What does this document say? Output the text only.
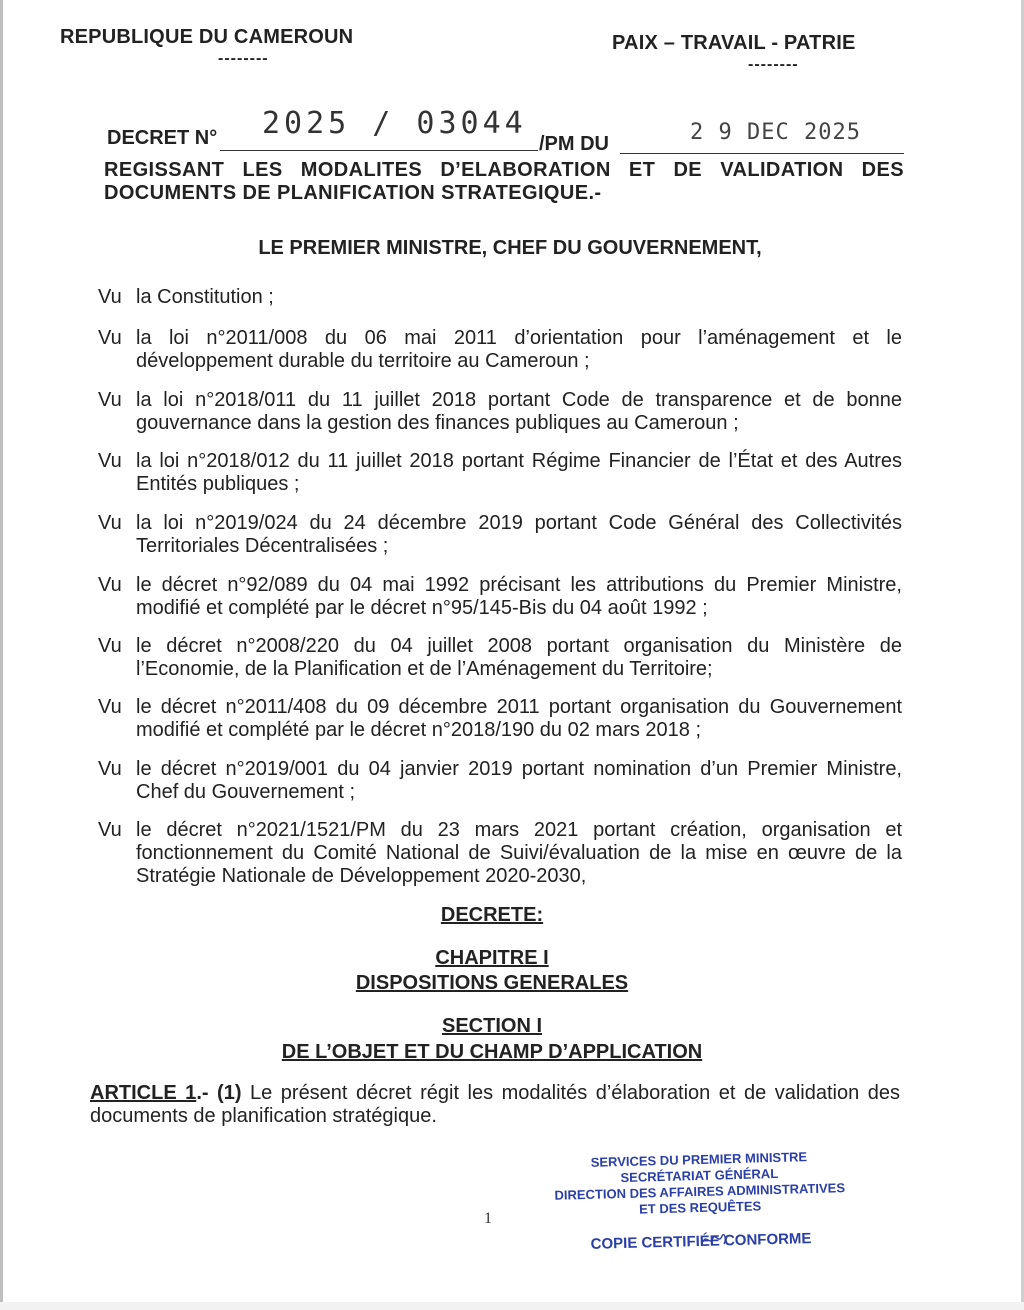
REPUBLIQUE DU CAMEROUN
--------
PAIX – TRAVAIL - PATRIE
--------
DECRET N° 2025 / 03044
/PM DU	2 9 DEC 2025
REGISSANT LES MODALITES D’ELABORATION ET DE VALIDATION DES
DOCUMENTS DE PLANIFICATION STRATEGIQUE.-
LE PREMIER MINISTRE, CHEF DU GOUVERNEMENT,
Vu la Constitution ;
Vu la loi n°2011/008 du 06 mai 2011 d’orientation pour l’aménagement et le développement durable du territoire au Cameroun ;
Vu la loi n°2018/011 du 11 juillet 2018 portant Code de transparence et de bonne gouvernance dans la gestion des finances publiques au Cameroun ;
Vu la loi n°2018/012 du 11 juillet 2018 portant Régime Financier de l’État et des Autres Entités publiques ;
Vu la loi n°2019/024 du 24 décembre 2019 portant Code Général des Collectivités Territoriales Décentralisées ;
Vu le décret n°92/089 du 04 mai 1992 précisant les attributions du Premier Ministre, modifié et complété par le décret n°95/145-Bis du 04 août 1992 ;
Vu le décret n°2008/220 du 04 juillet 2008 portant organisation du Ministère de l’Economie, de la Planification et de l’Aménagement du Territoire;
Vu le décret n°2011/408 du 09 décembre 2011 portant organisation du Gouvernement modifié et complété par le décret n°2018/190 du 02 mars 2018 ;
Vu le décret n°2019/001 du 04 janvier 2019 portant nomination d’un Premier Ministre, Chef du Gouvernement ;
Vu le décret n°2021/1521/PM du 23 mars 2021 portant création, organisation et fonctionnement du Comité National de Suivi/évaluation de la mise en œuvre de la Stratégie Nationale de Développement 2020-2030,
DECRETE:
CHAPITRE I
DISPOSITIONS GENERALES
SECTION I
DE L’OBJET ET DU CHAMP D’APPLICATION
ARTICLE 1.- (1) Le présent décret régit les modalités d’élaboration et de validation des documents de planification stratégique.
1
SERVICES DU PREMIER MINISTRE
SECRÉTARIAT GÉNÉRAL
DIRECTION DES AFFAIRES ADMINISTRATIVES
ET DES REQUÊTES
COPIE CERTIFIÉE CONFORME
